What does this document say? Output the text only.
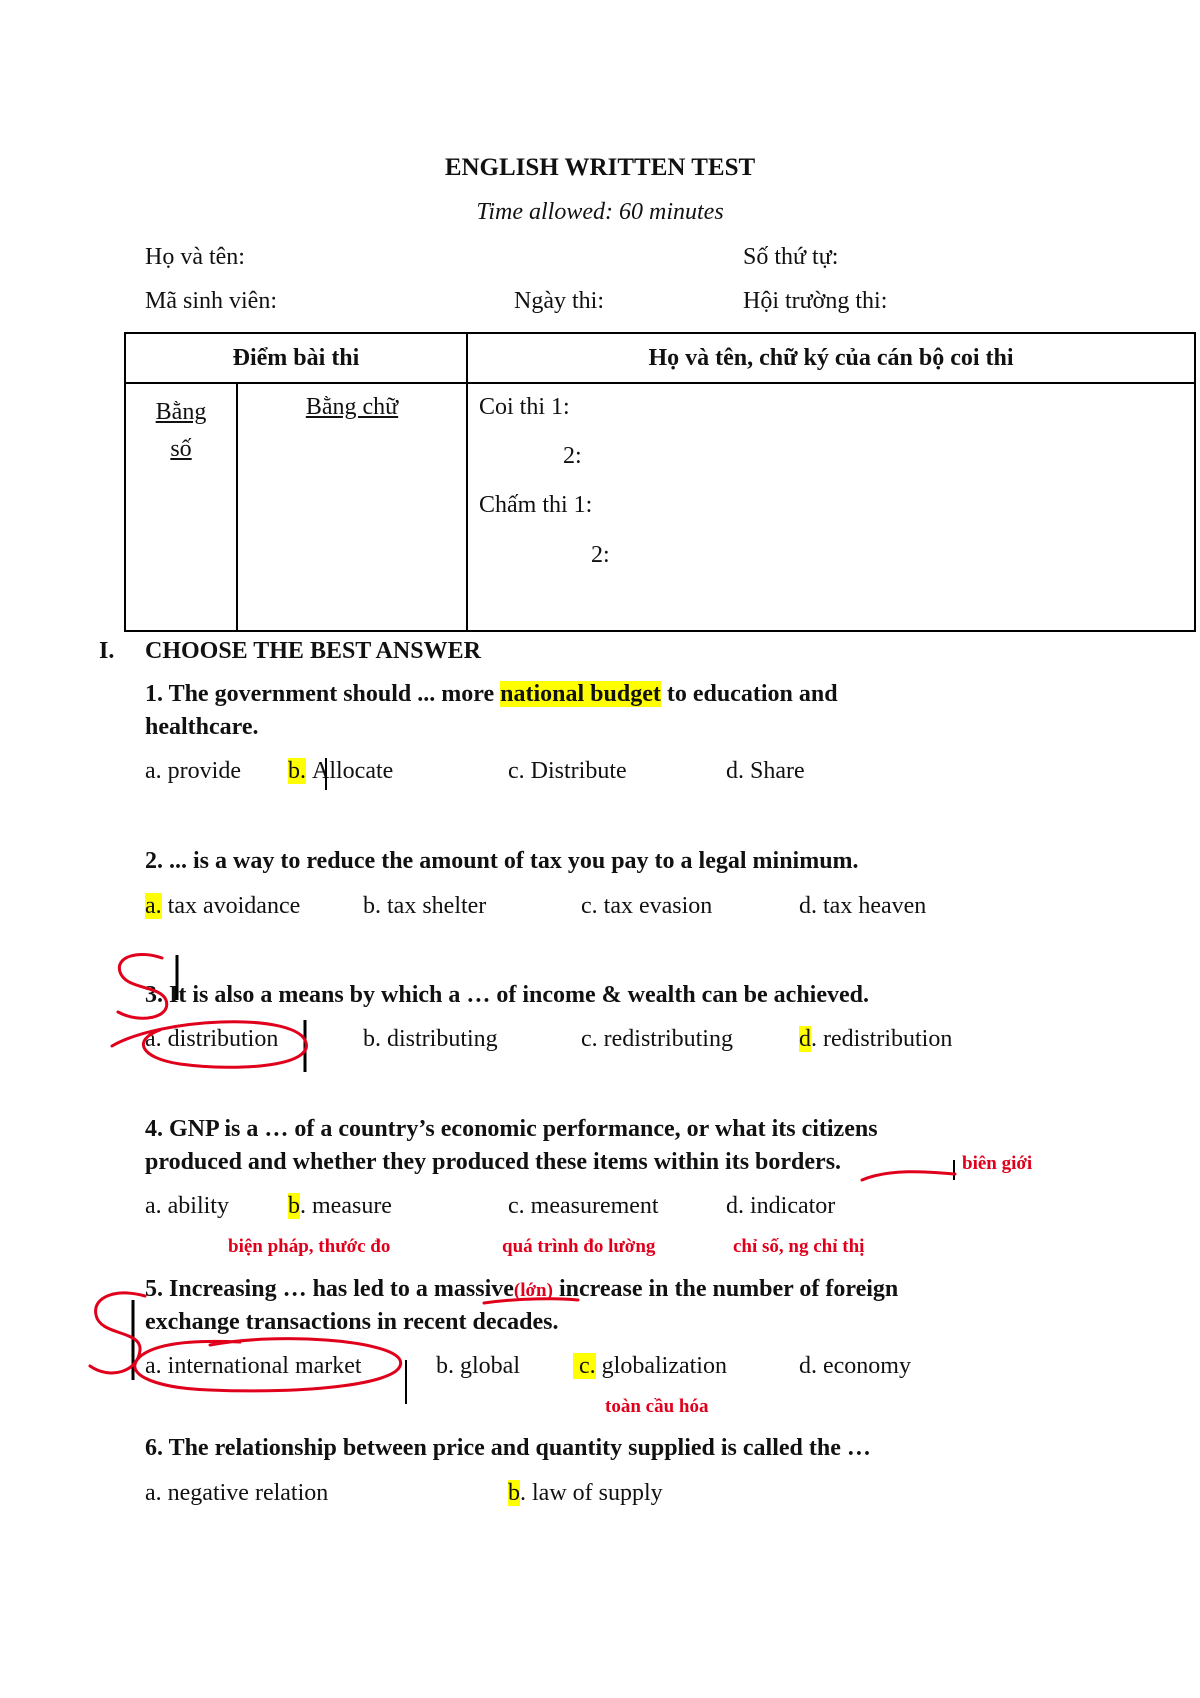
ENGLISH WRITTEN TEST
Time allowed: 60 minutes
Họ và tên:	Số thứ tự:
Mã sinh viên:	Ngày thi:	Hội trường thi:
Điểm bài thi		Họ và tên, chữ ký của cán bộ coi thi

Bằng số	Bằng chữ	Coi thi 1:
2:
Chấm thi 1:
2:
I. CHOOSE THE BEST ANSWER
1. The government should ... more national budget to education and
healthcare.
a. provide b. Allocate	c. Distribute	d. Share
2. ... is a way to reduce the amount of tax you pay to a legal minimum.
a. tax avoidance	b. tax shelter	c. tax evasion	d. tax heaven
3. It is also a means by which a … of income & wealth can be achieved.
a. distribution	b. distributing	c. redistributing	d. redistribution
4. GNP is a … of a country’s economic performance, or what its citizens
produced and whether they produced these items within its borders.	biên giới
a. ability b. measure	c. measurement	d. indicator
biện pháp, thước đo	quá trình đo lường	chỉ số, ng chỉ thị
5. Increasing … has led to a massive(lớn) increase in the number of foreign
exchange transactions in recent decades.
a. international market	b. global c. globalization	d. economy
toàn cầu hóa
6. The relationship between price and quantity supplied is called the …
a. negative relation	b. law of supply
